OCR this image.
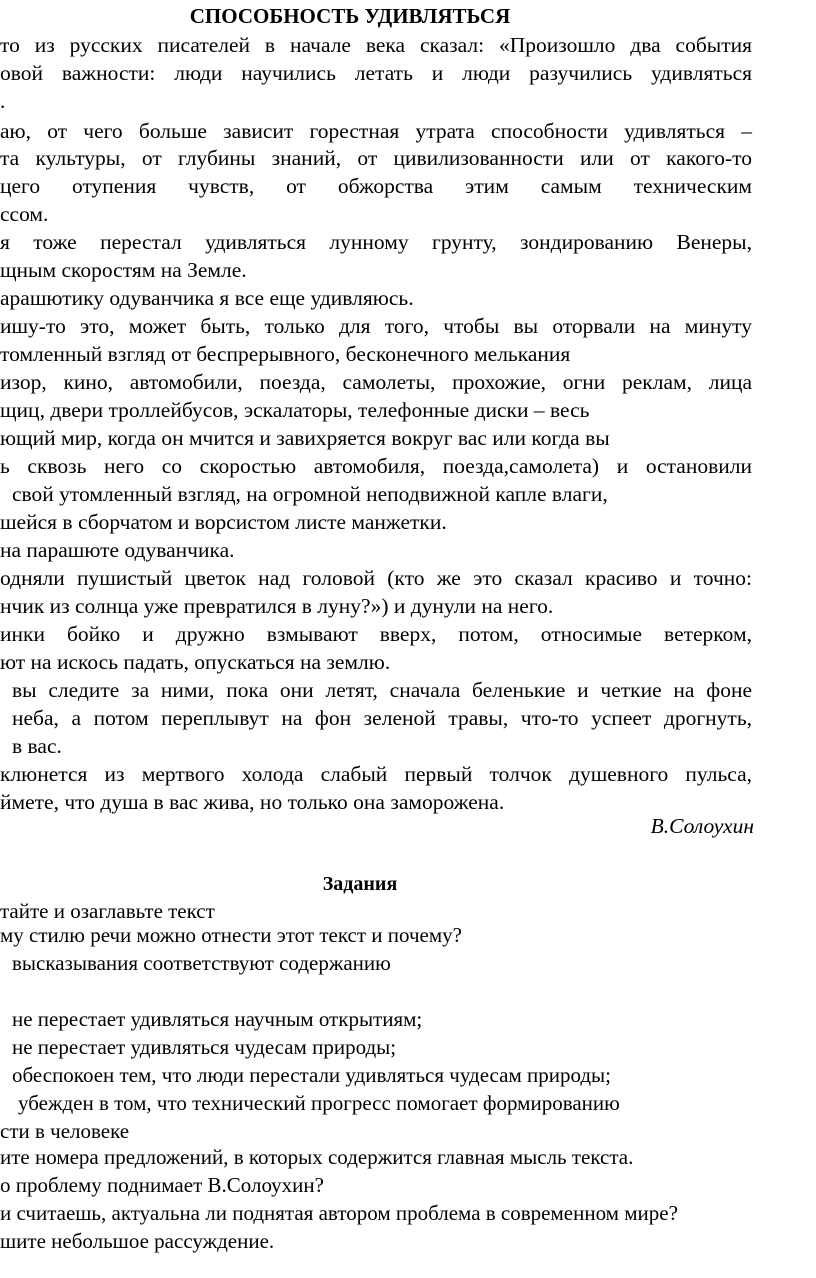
СПОСОБНОСТЬ УДИВЛЯТЬСЯ
то из русских писателей в начале века сказал: «Произошло два события
овой важности: люди научились летать и люди разучились удивляться
.
аю, от чего больше зависит горестная утрата способности удивляться –
та культуры, от глубины знаний, от цивилизованности или от какого-то
цего отупения чувств, от обжорства этим самым техническим
ссом.
я тоже перестал удивляться лунному грунту, зондированию Венеры,
щным скоростям на Земле.
арашютику одуванчика я все еще удивляюсь.
ишу-то это, может быть, только для того, чтобы вы оторвали на минуту
томленный взгляд от беспрерывного, бесконечного мелькания
изор, кино, автомобили, поезда, самолеты, прохожие, огни реклам, лица
щиц, двери троллейбусов, эскалаторы, телефонные диски – весь
ющий мир, когда он мчится и завихряется вокруг вас или когда вы
ь сквозь него со скоростью автомобиля, поезда,самолета) и остановили
свой утомленный взгляд, на огромной неподвижной капле влаги,
шейся в сборчатом и ворсистом листе манжетки.
на парашюте одуванчика.
одняли пушистый цветок над головой (кто же это сказал красиво и точно:
нчик из солнца уже превратился в луну?») и дунули на него.
инки бойко и дружно взмывают вверх, потом, относимые ветерком,
ют на искось падать, опускаться на землю.
вы следите за ними, пока они летят, сначала беленькие и четкие на фоне
неба, а потом переплывут на фон зеленой травы, что-то успеет дрогнуть,
в вас.
клюнется из мертвого холода слабый первый толчок душевного пульса,
ймете, что душа в вас жива, но только она заморожена.
В.Солоухин
Задания
тайте и озаглавьте текст
му стилю речи можно отнести этот текст и почему?
высказывания соответствуют содержанию
не перестает удивляться научным открытиям;
не перестает удивляться чудесам природы;
обеспокоен тем, что люди перестали удивляться чудесам природы;
убежден в том, что технический прогресс помогает формированию
сти в человеке
ите номера предложений, в которых содержится главная мысль текста.
о проблему поднимает В.Солоухин?
и считаешь, актуальна ли поднятая автором проблема в современном мире?
шите небольшое рассуждение.
